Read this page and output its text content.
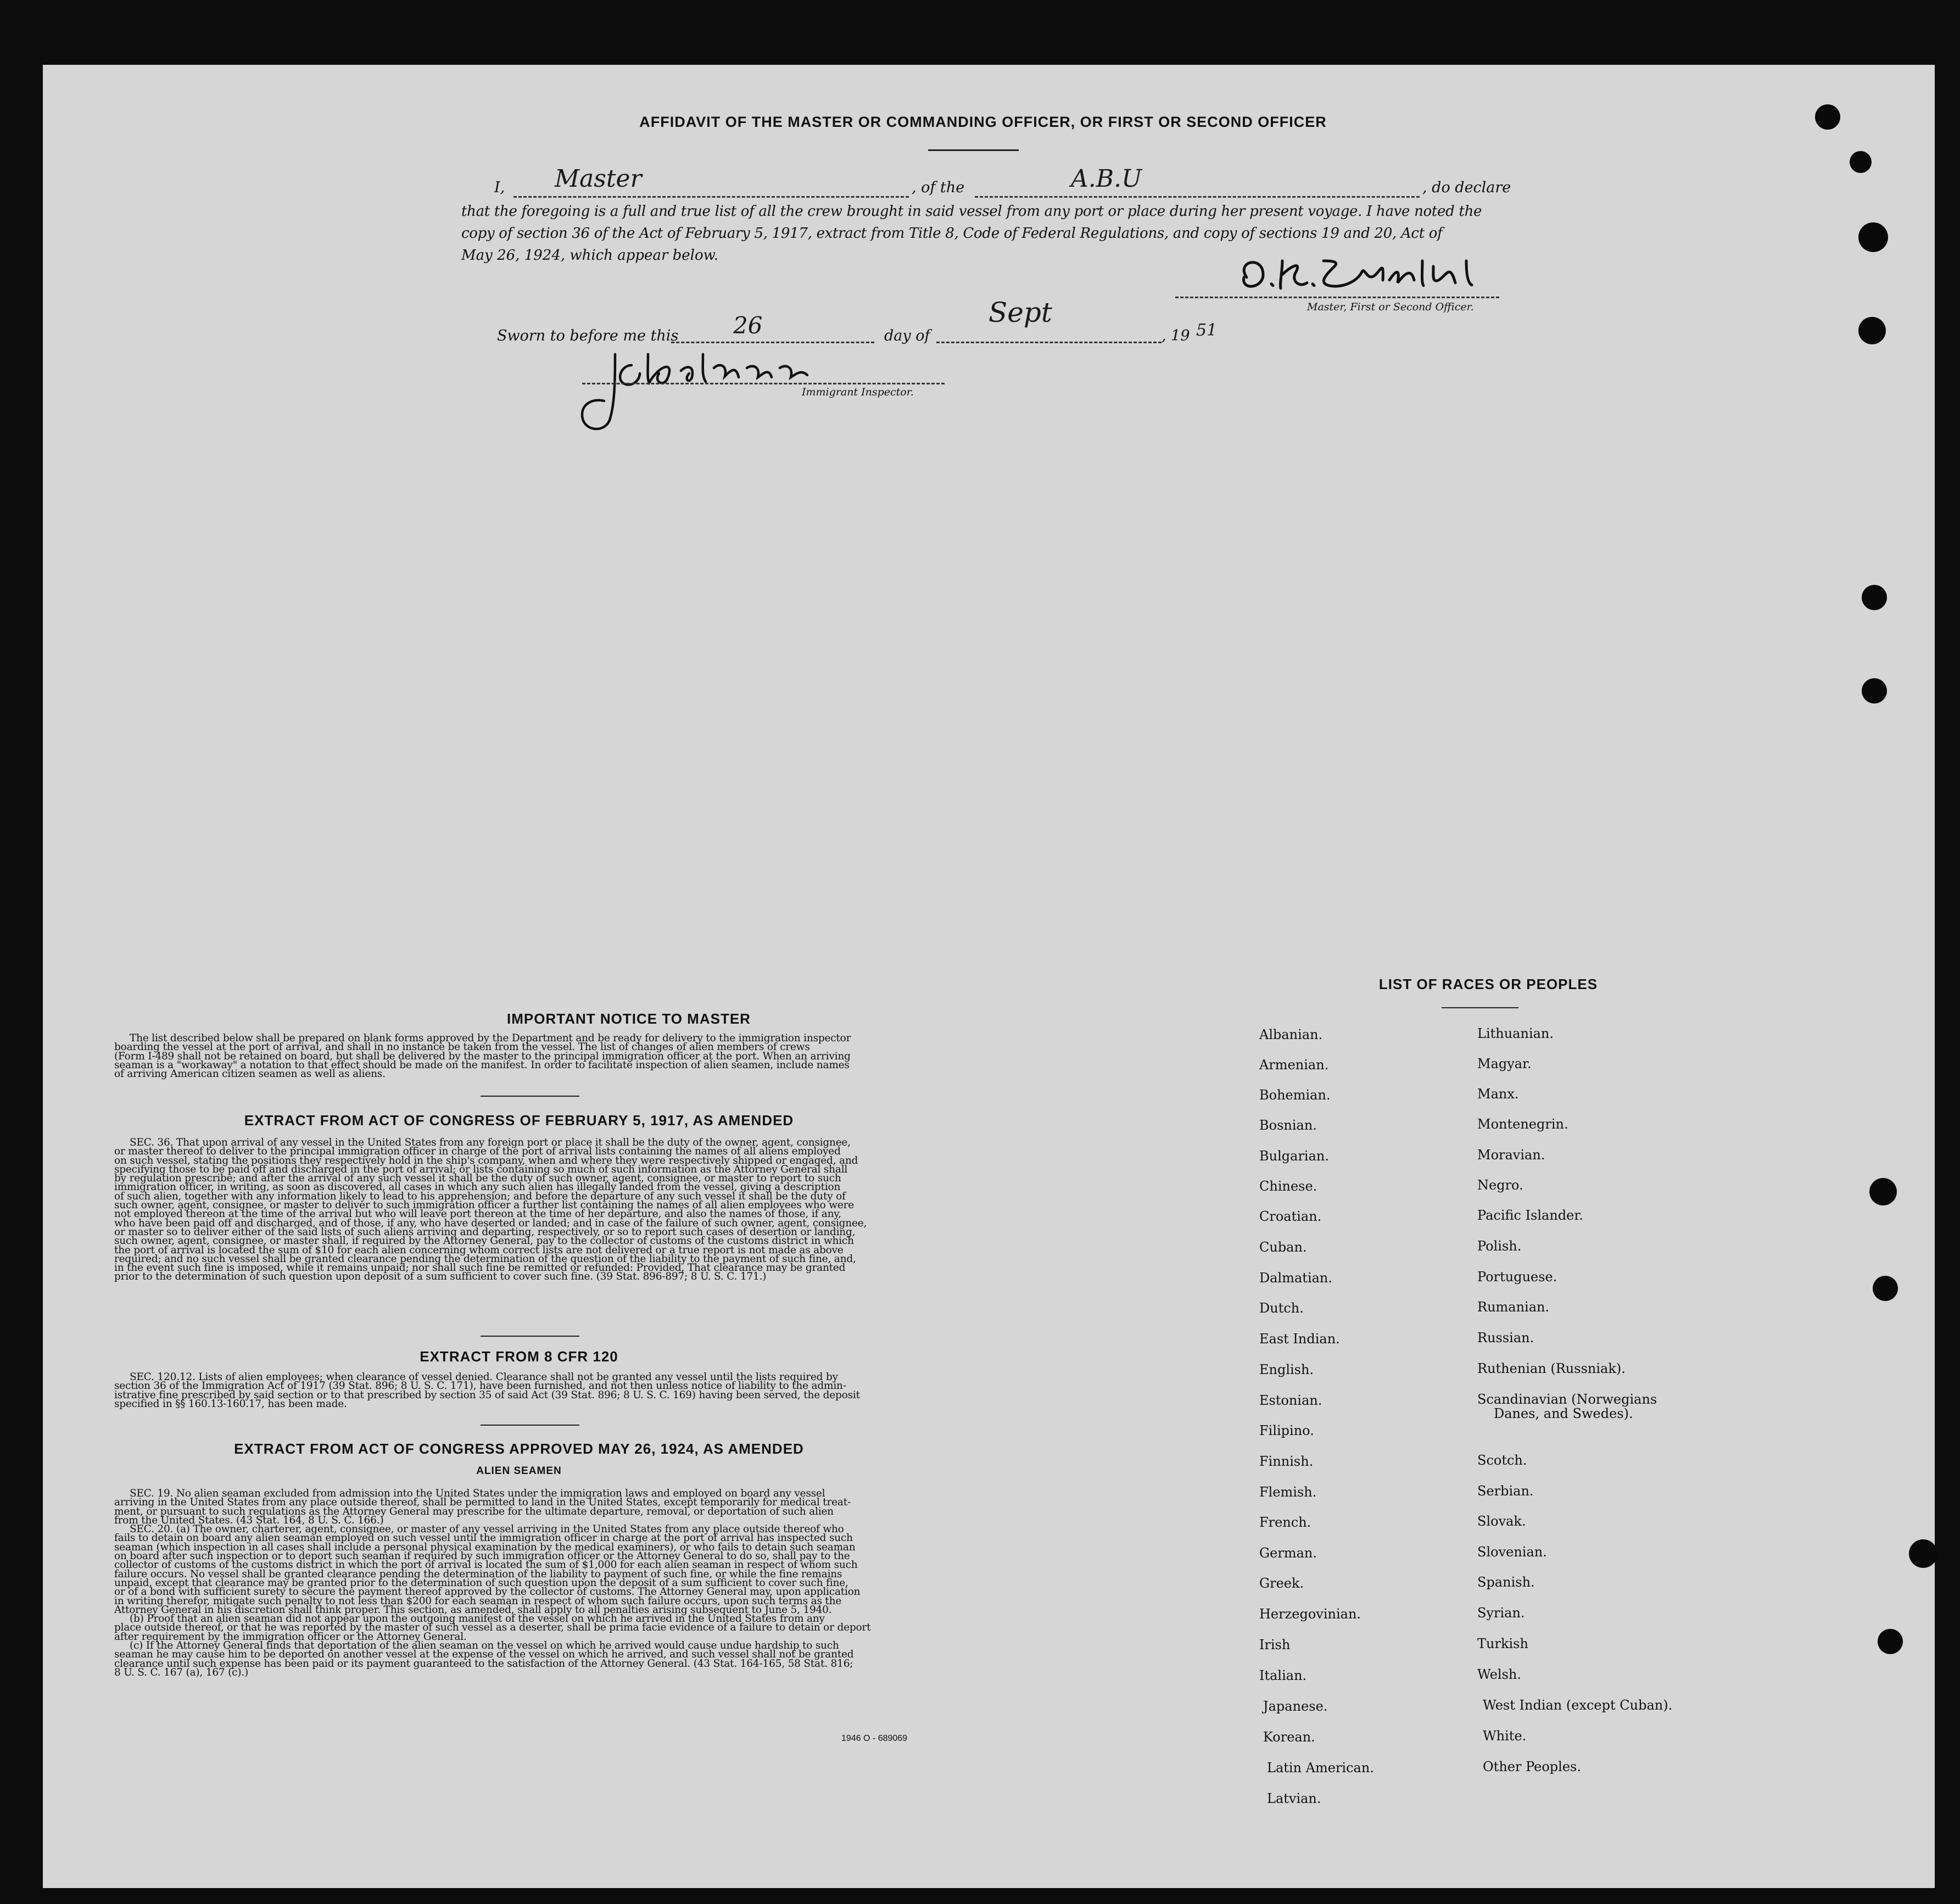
AFFIDAVIT OF THE MASTER OR COMMANDING OFFICER, OR FIRST OR SECOND OFFICER
I, Master	, of the	A.B.U	, do declare
that the foregoing is a full and true list of all the crew brought in said vessel from any port or place during her present voyage. I have noted the
copy of section 36 of the Act of February 5, 1917, extract from Title 8, Code of Federal Regulations, and copy of sections 19 and 20, Act of
May 26, 1924, which appear below.
Master, First or Second Officer.
Sworn to before me this 26	day of
Sept
, 19 51
Immigrant Inspector.
IMPORTANT NOTICE TO MASTER
The list described below shall be prepared on blank forms approved by the Department and be ready for delivery to the immigration inspector
boarding the vessel at the port of arrival, and shall in no instance be taken from the vessel. The list of changes of alien members of crews
(Form I-489 shall not be retained on board, but shall be delivered by the master to the principal immigration officer at the port. When an arriving
seaman is a "workaway" a notation to that effect should be made on the manifest. In order to facilitate inspection of alien seamen, include names
of arriving American citizen seamen as well as aliens.
EXTRACT FROM ACT OF CONGRESS OF FEBRUARY 5, 1917, AS AMENDED
SEC. 36. That upon arrival of any vessel in the United States from any foreign port or place it shall be the duty of the owner, agent, consignee,
or master thereof to deliver to the principal immigration officer in charge of the port of arrival lists containing the names of all aliens employed
on such vessel, stating the positions they respectively hold in the ship's company, when and where they were respectively shipped or engaged, and
specifying those to be paid off and discharged in the port of arrival; or lists containing so much of such information as the Attorney General shall
by regulation prescribe; and after the arrival of any such vessel it shall be the duty of such owner, agent, consignee, or master to report to such
immigration officer, in writing, as soon as discovered, all cases in which any such alien has illegally landed from the vessel, giving a description
of such alien, together with any information likely to lead to his apprehension; and before the departure of any such vessel it shall be the duty of
such owner, agent, consignee, or master to deliver to such immigration officer a further list containing the names of all alien employees who were
not employed thereon at the time of the arrival but who will leave port thereon at the time of her departure, and also the names of those, if any,
who have been paid off and discharged, and of those, if any, who have deserted or landed; and in case of the failure of such owner, agent, consignee,
or master so to deliver either of the said lists of such aliens arriving and departing, respectively, or so to report such cases of desertion or landing,
such owner, agent, consignee, or master shall, if required by the Attorney General, pay to the collector of customs of the customs district in which
the port of arrival is located the sum of $10 for each alien concerning whom correct lists are not delivered or a true report is not made as above
required; and no such vessel shall be granted clearance pending the determination of the question of the liability to the payment of such fine, and,
in the event such fine is imposed, while it remains unpaid; nor shall such fine be remitted or refunded: Provided, That clearance may be granted
prior to the determination of such question upon deposit of a sum sufficient to cover such fine. (39 Stat. 896-897; 8 U. S. C. 171.)
EXTRACT FROM 8 CFR 120
SEC. 120.12. Lists of alien employees; when clearance of vessel denied. Clearance shall not be granted any vessel until the lists required by
section 36 of the Immigration Act of 1917 (39 Stat. 896; 8 U. S. C. 171), have been furnished, and not then unless notice of liability to the admin-
istrative fine prescribed by said section or to that prescribed by section 35 of said Act (39 Stat. 896; 8 U. S. C. 169) having been served, the deposit
specified in §§ 160.13-160.17, has been made.
EXTRACT FROM ACT OF CONGRESS APPROVED MAY 26, 1924, AS AMENDED
ALIEN SEAMEN
SEC. 19. No alien seaman excluded from admission into the United States under the immigration laws and employed on board any vessel
arriving in the United States from any place outside thereof, shall be permitted to land in the United States, except temporarily for medical treat-
ment, or pursuant to such regulations as the Attorney General may prescribe for the ultimate departure, removal, or deportation of such alien
from the United States. (43 Stat. 164, 8 U. S. C. 166.)
SEC. 20. (a) The owner, charterer, agent, consignee, or master of any vessel arriving in the United States from any place outside thereof who
fails to detain on board any alien seaman employed on such vessel until the immigration officer in charge at the port of arrival has inspected such
seaman (which inspection in all cases shall include a personal physical examination by the medical examiners), or who fails to detain such seaman
on board after such inspection or to deport such seaman if required by such immigration officer or the Attorney General to do so, shall pay to the
collector of customs of the customs district in which the port of arrival is located the sum of $1,000 for each alien seaman in respect of whom such
failure occurs. No vessel shall be granted clearance pending the determination of the liability to payment of such fine, or while the fine remains
unpaid, except that clearance may be granted prior to the determination of such question upon the deposit of a sum sufficient to cover such fine,
or of a bond with sufficient surety to secure the payment thereof approved by the collector of customs. The Attorney General may, upon application
in writing therefor, mitigate such penalty to not less than $200 for each seaman in respect of whom such failure occurs, upon such terms as the
Attorney General in his discretion shall think proper. This section, as amended, shall apply to all penalties arising subsequent to June 5, 1940.
(b) Proof that an alien seaman did not appear upon the outgoing manifest of the vessel on which he arrived in the United States from any
place outside thereof, or that he was reported by the master of such vessel as a deserter, shall be prima facie evidence of a failure to detain or deport
after requirement by the immigration officer or the Attorney General.
(c) If the Attorney General finds that deportation of the alien seaman on the vessel on which he arrived would cause undue hardship to such
seaman he may cause him to be deported on another vessel at the expense of the vessel on which he arrived, and such vessel shall not be granted
clearance until such expense has been paid or its payment guaranteed to the satisfaction of the Attorney General. (43 Stat. 164-165, 58 Stat. 816;
8 U. S. C. 167 (a), 167 (c).)
1946 O - 689069
LIST OF RACES OR PEOPLES
Albanian.
Armenian.
Bohemian.
Bosnian.
Bulgarian.
Chinese.
Croatian.
Cuban.
Dalmatian.
Dutch.
East Indian.
English.
Estonian.
Filipino.
Finnish.
Flemish.
French.
German.
Greek.
Herzegovinian.
Irish
Italian.
Japanese.
Korean.
Latin American.
Latvian.
Lithuanian.
Magyar.
Manx.
Montenegrin.
Moravian.
Negro.
Pacific Islander.
Polish.
Portuguese.
Rumanian.
Russian.
Ruthenian (Russniak).
Scandinavian (Norwegians
Danes, and Swedes).
Scotch.
Serbian.
Slovak.
Slovenian.
Spanish.
Syrian.
Turkish
Welsh.
West Indian (except Cuban).
White.
Other Peoples.
